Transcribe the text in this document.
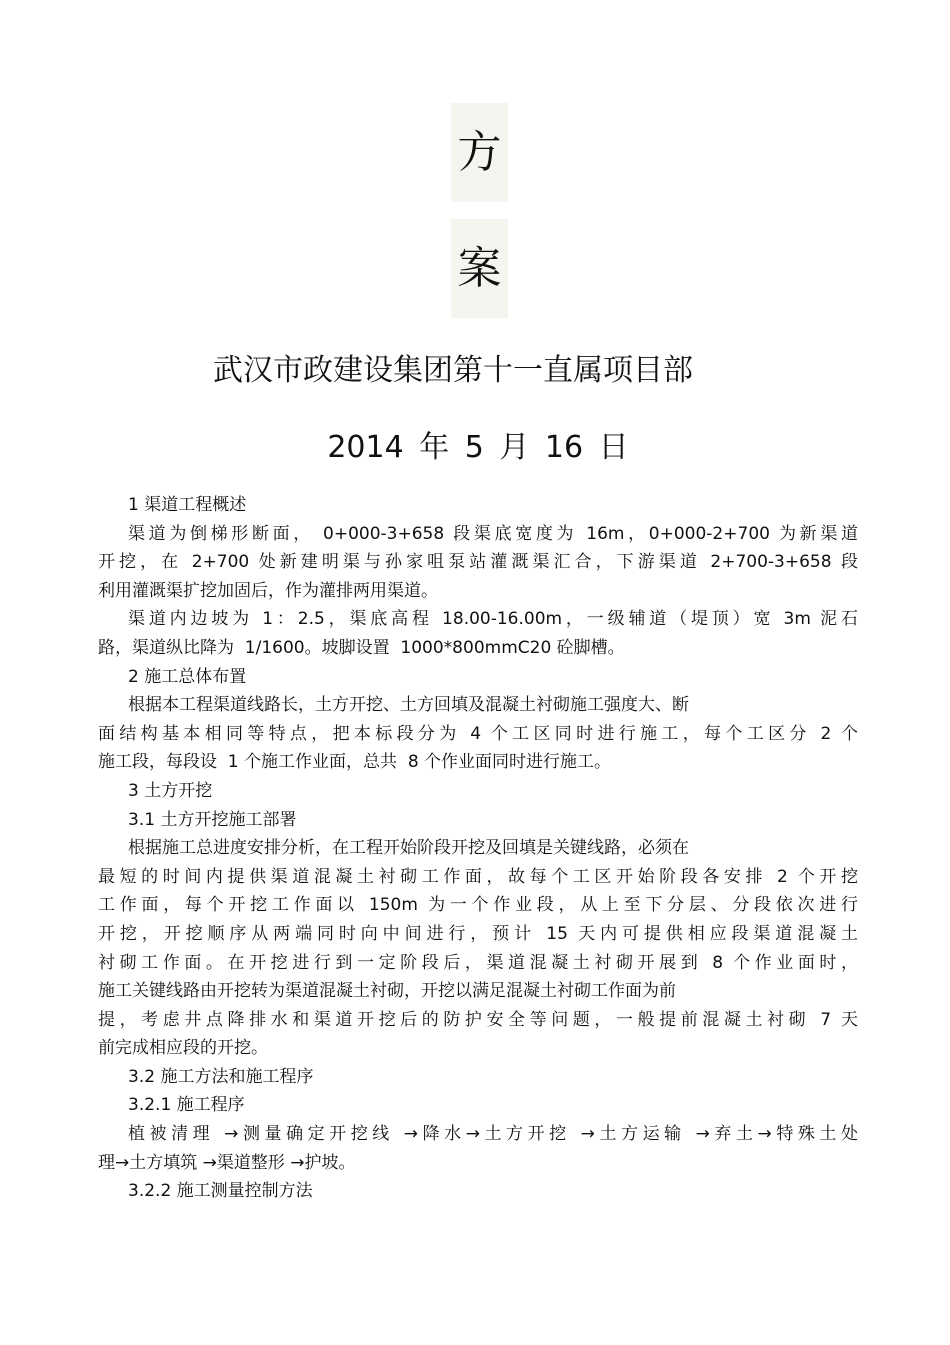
方
案
武汉市政建设集团第十一直属项目部
2014 年 5 月 16 日
1 渠道工程概述
渠道为倒梯形断面， 0+000-3+658 段渠底宽度为 16m，0+000-2+700 为新渠道
开挖，在 2+700 处新建明渠与孙家咀泵站灌溉渠汇合，下游渠道 2+700-3+658 段
利用灌溉渠扩挖加固后，作为灌排两用渠道。
渠道内边坡为 1：2.5，渠底高程 18.00-16.00m，一级辅道（堤顶）宽 3m 泥石
路，渠道纵比降为  1/1600。坡脚设置  1000*800mmC20 砼脚槽。
2 施工总体布置
根据本工程渠道线路长，土方开挖、土方回填及混凝土衬砌施工强度大、断
面结构基本相同等特点，把本标段分为 4 个工区同时进行施工，每个工区分 2 个
施工段，每段设  1 个施工作业面，总共  8 个作业面同时进行施工。
3 土方开挖
3.1 土方开挖施工部署
根据施工总进度安排分析，在工程开始阶段开挖及回填是关键线路，必须在
最短的时间内提供渠道混凝土衬砌工作面，故每个工区开始阶段各安排 2 个开挖
工作面，每个开挖工作面以 150m 为一个作业段，从上至下分层、分段依次进行
开挖，开挖顺序从两端同时向中间进行，预计 15 天内可提供相应段渠道混凝土
衬砌工作面。在开挖进行到一定阶段后，渠道混凝土衬砌开展到 8 个作业面时，
施工关键线路由开挖转为渠道混凝土衬砌，开挖以满足混凝土衬砌工作面为前
提，考虑井点降排水和渠道开挖后的防护安全等问题，一般提前混凝土衬砌 7 天
前完成相应段的开挖。
3.2 施工方法和施工程序
3.2.1 施工程序
植被清理 →测量确定开挖线 →降水→土方开挖 →土方运输 →弃土→特殊土处
理→土方填筑 →渠道整形 →护坡。
3.2.2 施工测量控制方法
